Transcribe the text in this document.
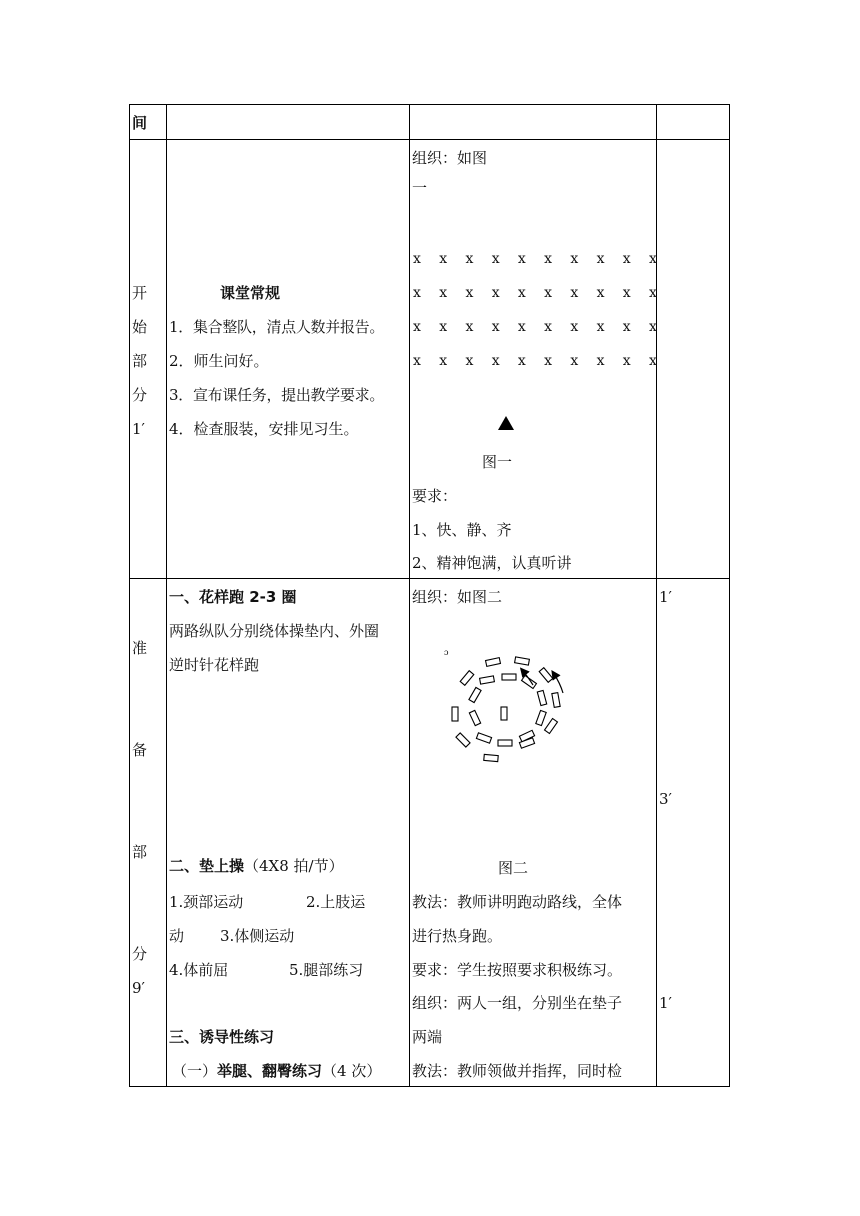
间
开
始
部
分
1′
课堂常规
1．集合整队，清点人数并报告。
2．师生问好。
3．宣布课任务，提出教学要求。
4．检查服装，安排见习生。
组织：如图
一
x x x x x x x x x x
x x x x x x x x x x
x x x x x x x x x x
x x x x x x x x x x
图一
要求：
1、快、静、齐
2、精神饱满，认真听讲
准
备
部
分
9′
一、花样跑 2-3 圈
两路纵队分别绕体操垫内、外圈
逆时针花样跑
二、垫上操（4X8 拍/节）
1.颈部运动	2.上肢运
动 3.体侧运动
4.体前屈	5.腿部练习
三、诱导性练习
（一）举腿、翻臀练习（4 次）
组织：如图二
ɔ
图二
教法：教师讲明跑动路线，全体
进行热身跑。
要求：学生按照要求积极练习。
组织：两人一组，分别坐在垫子
两端
教法：教师领做并指挥，同时检
1′
3′
1′
